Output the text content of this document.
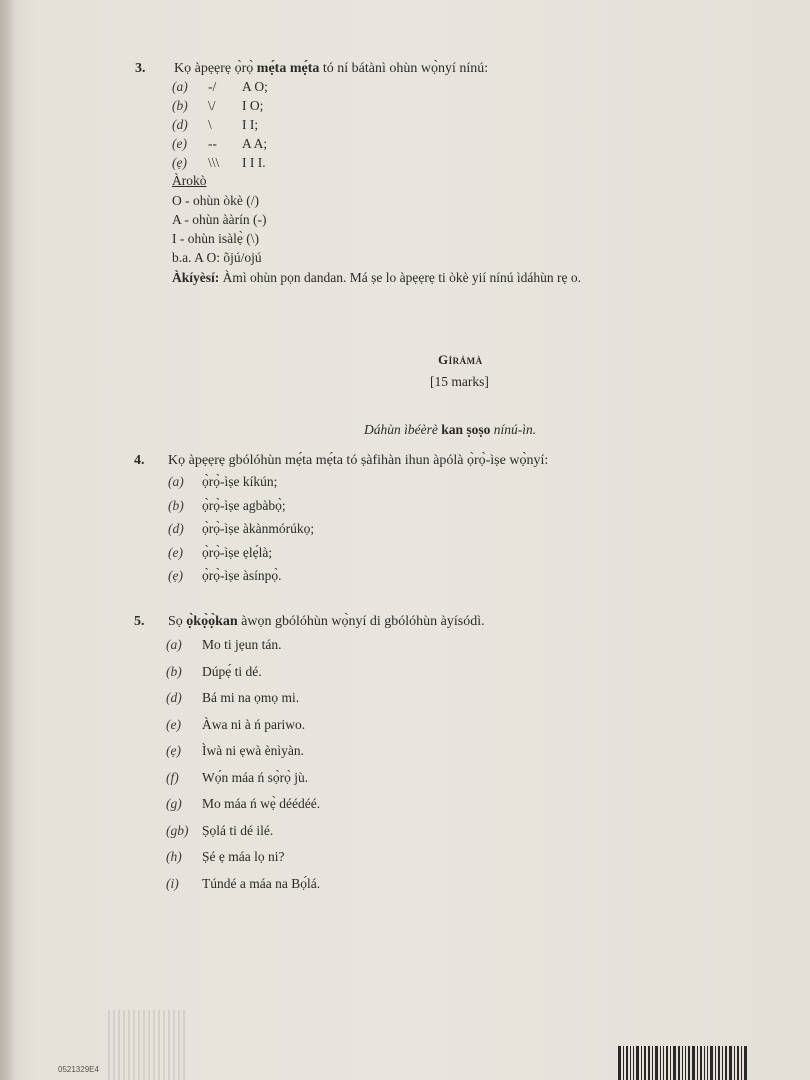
3. Kọ àpẹẹrẹ ọ̀rọ̀ mẹ́ta mẹ́ta tó ní bátànì ohùn wọ̀nyí nínú:
(a) -/ A O;
(b) \/ I O;
(d) \ I I;
(e) -- A A;
(ẹ) \\\ I I I.
Àrokò
O - ohùn òkè (/)
A - ohùn ààrín (-)
I - ohùn isàlẹ̀ (\)
b.a. A O: õjú/ojú
Àkíyèsí: Àmì ohùn pọn dandan. Má ṣe lo àpẹẹrẹ ti òkè yií nínú ìdáhùn rẹ o.
Gírámà
[15 marks]
Dáhùn ìbéèrè kan ṣoṣo nínú-ìn.
4. Kọ àpẹẹrẹ gbólóhùn mẹ́ta mẹ́ta tó ṣàfihàn ihun àpólà ọ̀rọ̀-ìṣe wọ̀nyí:
(a) ọ̀rọ̀-ìṣe kíkún;
(b) ọ̀rọ̀-ìṣe agbàbọ̀;
(d) ọ̀rọ̀-ìṣe àkànmórúkọ;
(e) ọ̀rọ̀-ìṣe ẹlẹ́là;
(ẹ) ọ̀rọ̀-ìṣe àsínpọ̀.
5. Sọ ọ̀kọ̀ọ̀kan àwọn gbólóhùn wọ̀nyí di gbólóhùn àyísódì.
(a) Mo ti jẹun tán.
(b) Dúpẹ́ ti dé.
(d) Bá mi na ọmọ mi.
(e) Àwa ni à ń pariwo.
(ẹ) Ìwà ni ẹwà ènìyàn.
(f) Wọ́n máa ń sọ̀rọ̀ jù.
(g) Mo máa ń wẹ̀ déédéé.
(gb) Ṣọlá ti dé ilé.
(h) Ṣé ẹ máa lọ ni?
(i) Túndé a máa na Bọ́lá.
0521329E4
